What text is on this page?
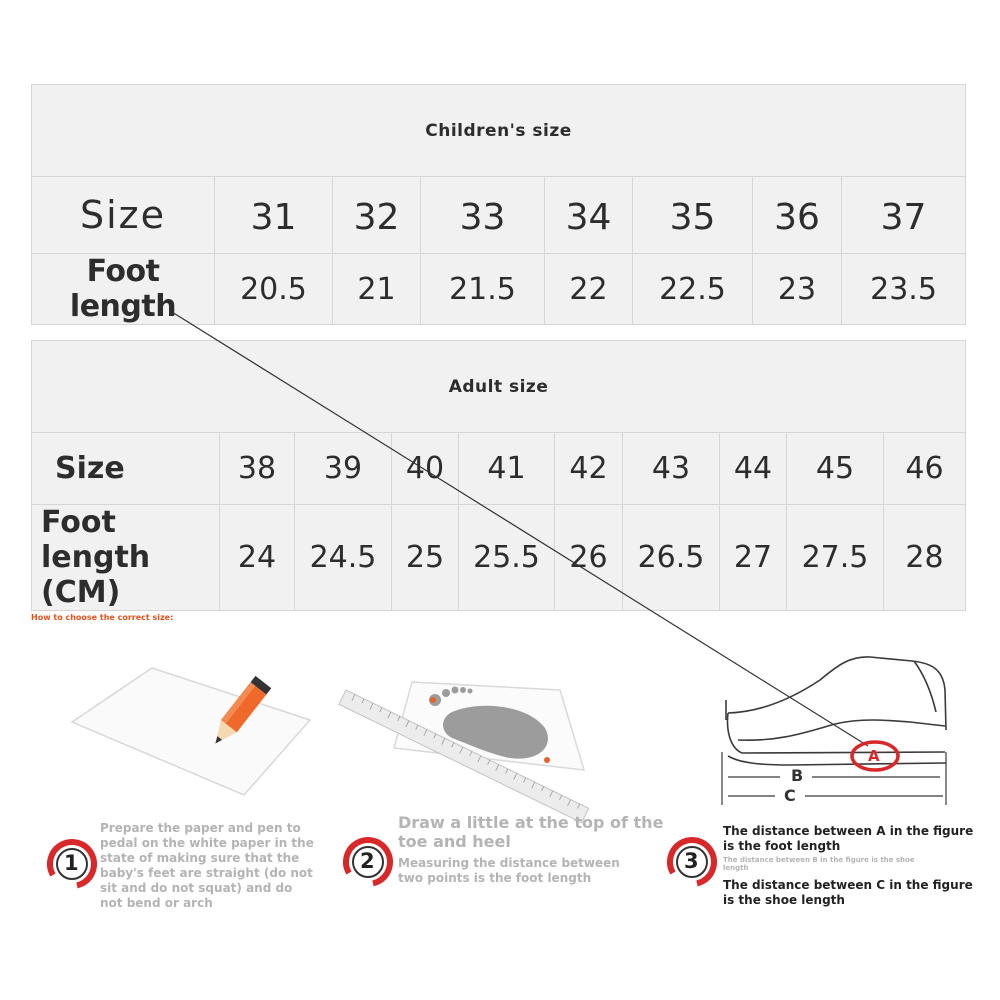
Children's size							
Size	31	32	33	34	35	36	37
Foot length	20.5	21	21.5	22	22.5	23	23.5
Adult size									
Size	38	39	40	41	42	43	44	45	46
Foot length (CM)	24	24.5	25	25.5	26	26.5	27	27.5	28
How to choose the correct size:
A
B
C
1	2	3
Prepare the paper and pen to pedal on the white paper in the state of making sure that the baby's feet are straight (do not sit and do not squat) and do not bend or arch
Draw a little at the top of the toe and heel
Measuring the distance between two points is the foot length
The distance between A in the figure is the foot length
The distance between B in the figure is the shoe length
The distance between C in the figure is the shoe length
